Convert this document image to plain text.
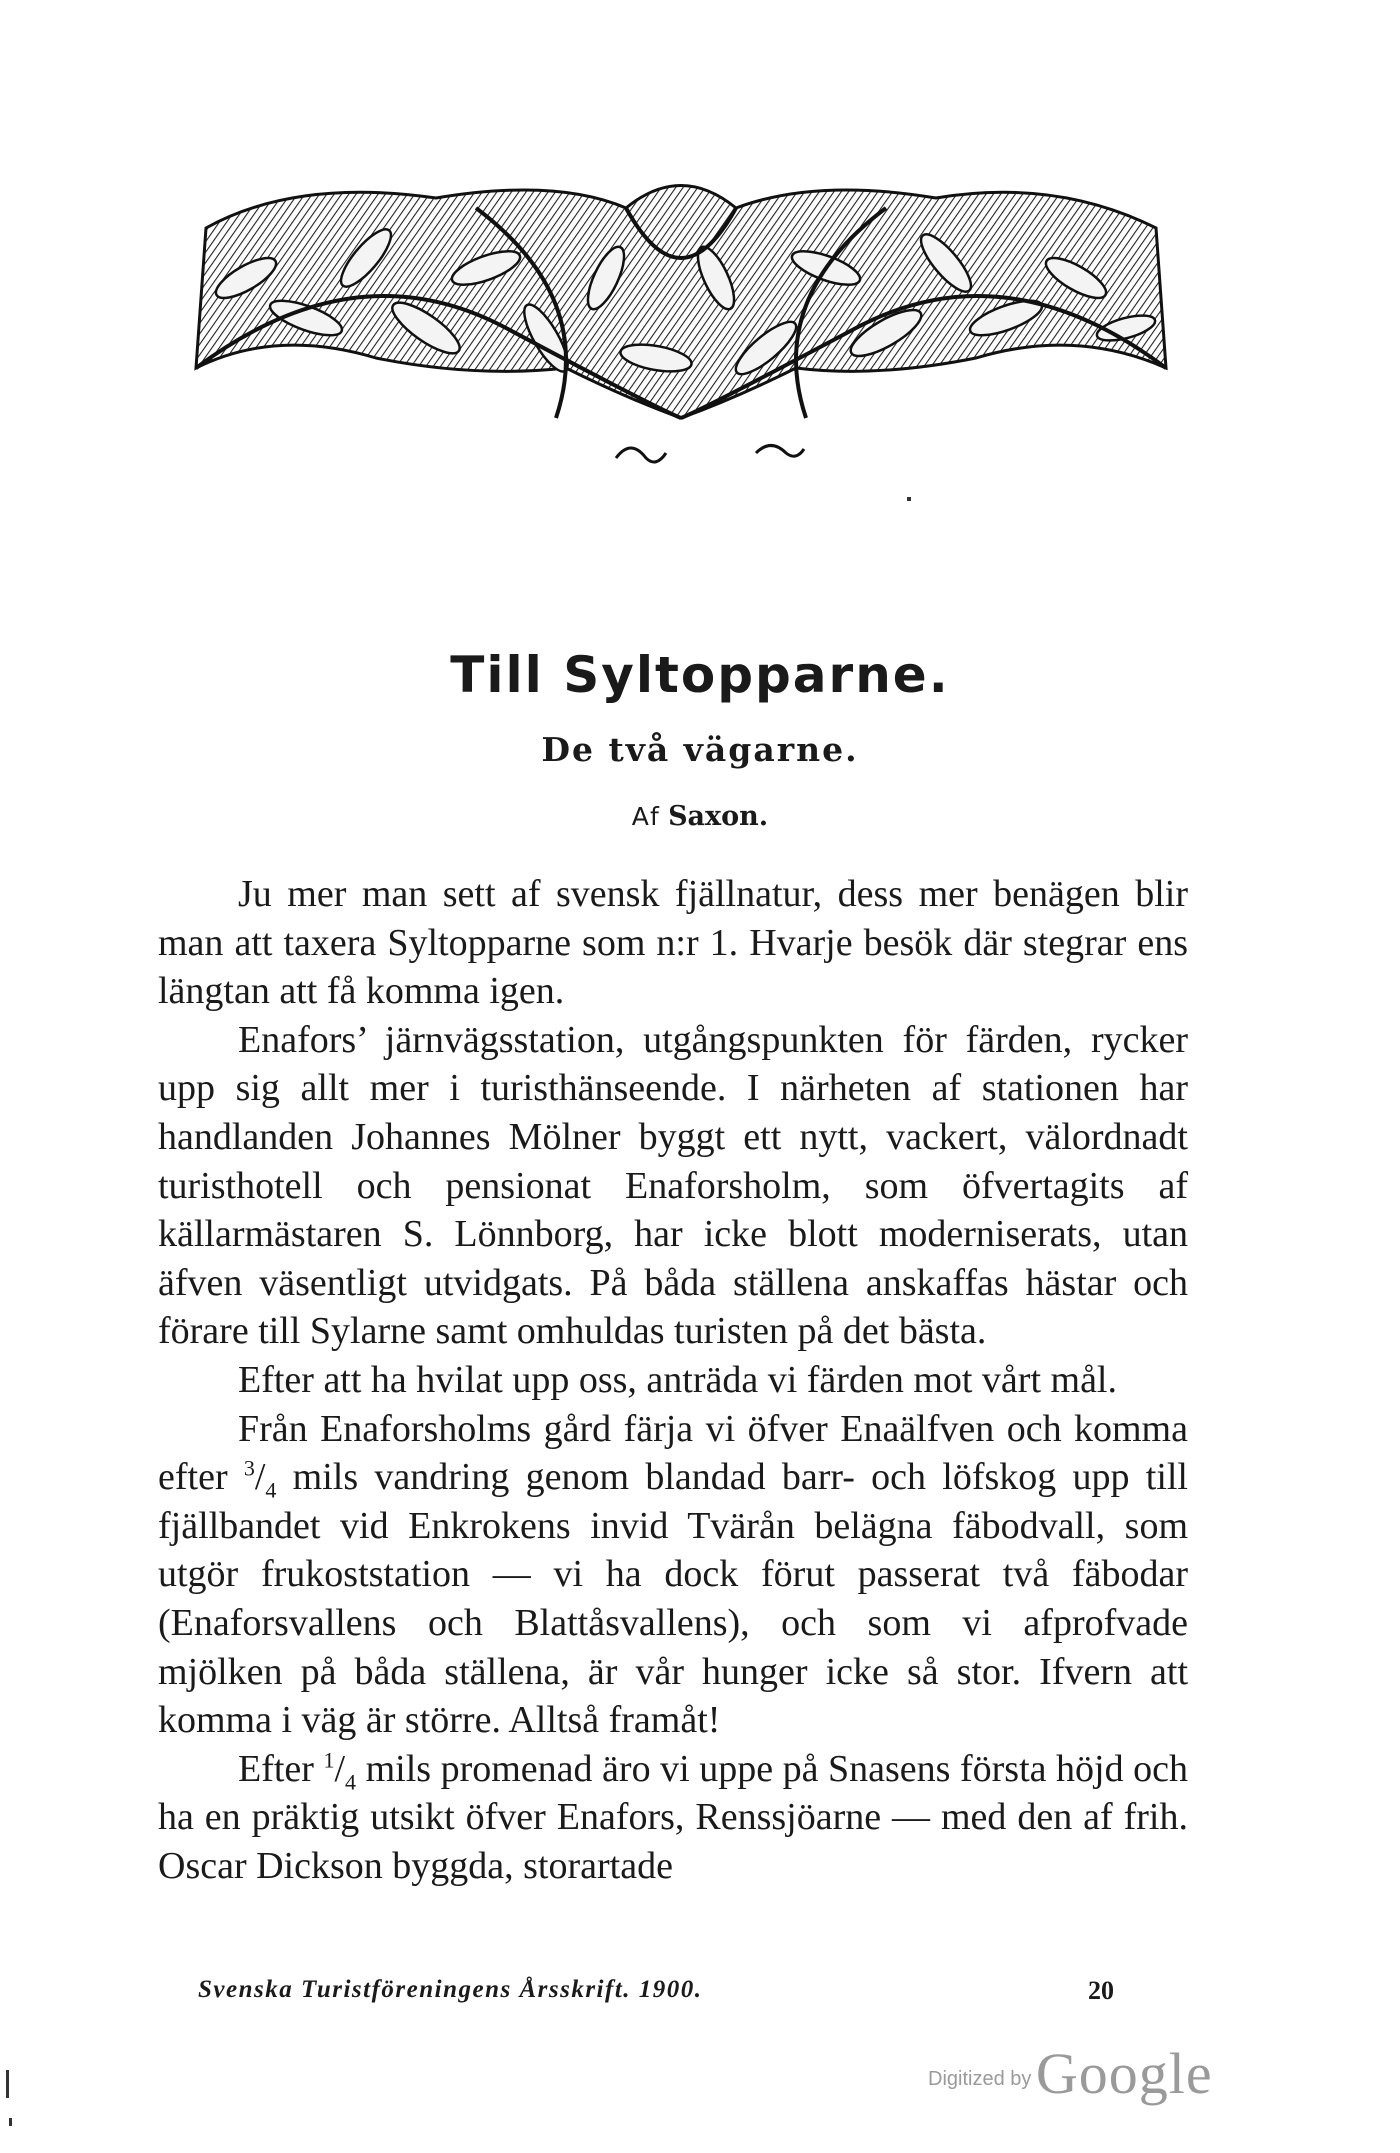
Till Syltopparne.
De två vägarne.
Af Saxon.

Ju mer man sett af svensk fjällnatur, dess mer benägen blir man att taxera Syltopparne som n:r 1. Hvarje besök där stegrar ens längtan att få komma igen.

Enafors’ järnvägsstation, utgångspunkten för färden, rycker upp sig allt mer i turisthänseende. I närheten af stationen har handlanden Johannes Mölner byggt ett nytt, vackert, välordnadt turisthotell och pensionat Enaforsholm, som öfvertagits af källarmästaren S. Lönnborg, har icke blott moderniserats, utan äfven väsentligt utvidgats. På båda ställena anskaffas hästar och förare till Sylarne samt omhuldas turisten på det bästa.

Efter att ha hvilat upp oss, anträda vi färden mot vårt mål.

Från Enaforsholms gård färja vi öfver Enaälfven och komma efter $^3/_4$ mils vandring genom blandad barr- och löfskog upp till fjällbandet vid Enkrokens invid Tvärån belägna fäbodvall, som utgör frukoststation — vi ha dock förut passerat två fäbodar (Enaforsvallens och Blattåsvallens), och som vi afprofvade mjölken på båda ställena, är vår hunger icke så stor. Ifvern att komma i väg är större. Alltså framåt!

Efter $^1/_4$ mils promenad äro vi uppe på Snasens första höjd och ha en präktig utsikt öfver Enafors, Renssjöarne — med den af frih. Oscar Dickson byggda, storartade

Svenska Turistföreningens Årsskrift. 1900.	20
Digitized by Google
